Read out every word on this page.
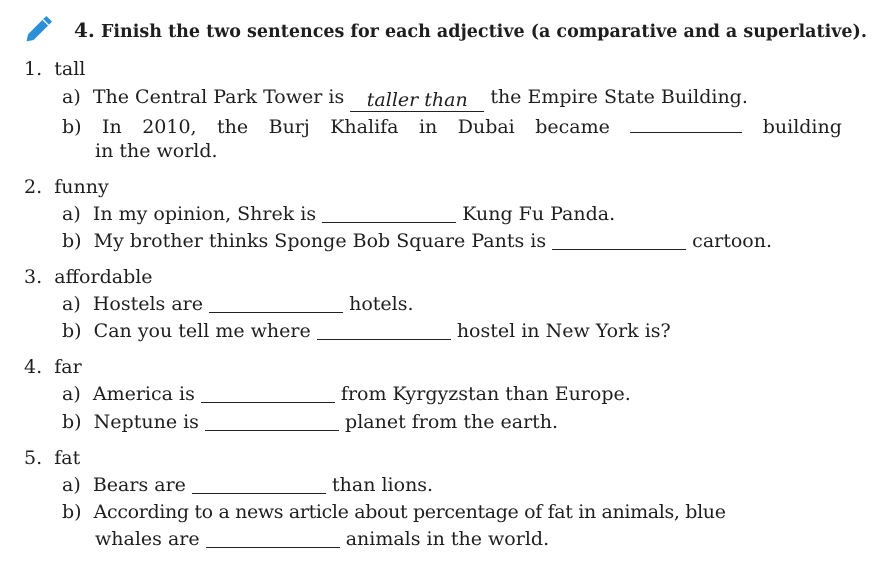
4. Finish the two sentences for each adjective (a comparative and a superlative).
1. tall
a) The Central Park Tower is taller than the Empire State Building.
b) In 2010, the Burj Khalifa in Dubai became	building
in the world.
2. funny
a) In my opinion, Shrek is	Kung Fu Panda.
b) My brother thinks Sponge Bob Square Pants is	cartoon.
3. affordable
a) Hostels are	hotels.
b) Can you tell me where	hostel in New York is?
4. far
a) America is	from Kyrgyzstan than Europe.
b) Neptune is	planet from the earth.
5. fat
a) Bears are	than lions.
b) According to a news article about percentage of fat in animals, blue
whales are	animals in the world.
